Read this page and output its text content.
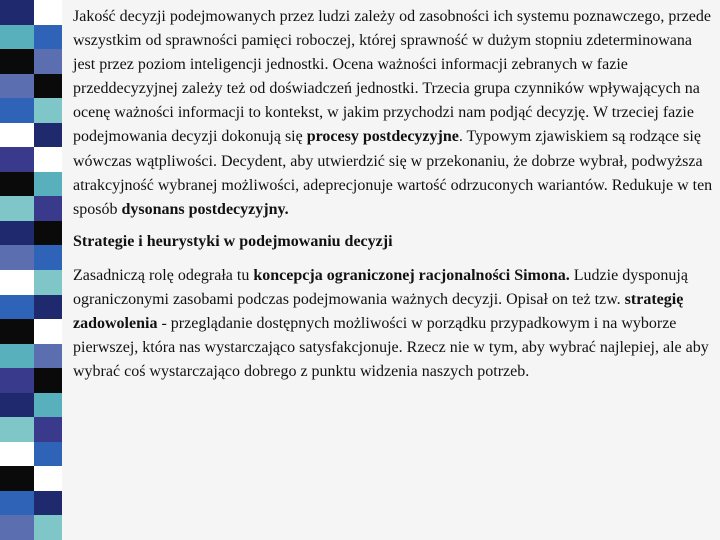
Jakość decyzji podejmowanych przez ludzi zależy od zasobności ich systemu poznawczego, przede wszystkim od sprawności pamięci roboczej, której sprawność w dużym stopniu zdeterminowana jest przez poziom inteligencji jednostki. Ocena ważności informacji zebranych w fazie przeddecyzyjnej zależy też od doświadczeń jednostki. Trzecia grupa czynników wpływających na ocenę ważności informacji to kontekst, w jakim przychodzi nam podjąć decyzję. W trzeciej fazie podejmowania decyzji dokonują się procesy postdecyzyjne. Typowym zjawiskiem są rodzące się wówczas wątpliwości. Decydent, aby utwierdzić się w przekonaniu, że dobrze wybrał, podwyższa atrakcyjność wybranej możliwości, adeprecjonuje wartość odrzuconych wariantów. Redukuje w ten sposób dysonans postdecyzyjny.

Strategie i heurystyki w podejmowaniu decyzji

Zasadniczą rolę odegrała tu koncepcja ograniczonej racjonalności Simona. Ludzie dysponują ograniczonymi zasobami podczas podejmowania ważnych decyzji. Opisał on też tzw. strategię zadowolenia - przeglądanie dostępnych możliwości w porządku przypadkowym i na wyborze pierwszej, która nas wystarczająco satysfakcjonuje. Rzecz nie w tym, aby wybrać najlepiej, ale aby wybrać coś wystarczająco dobrego z punktu widzenia naszych potrzeb.
